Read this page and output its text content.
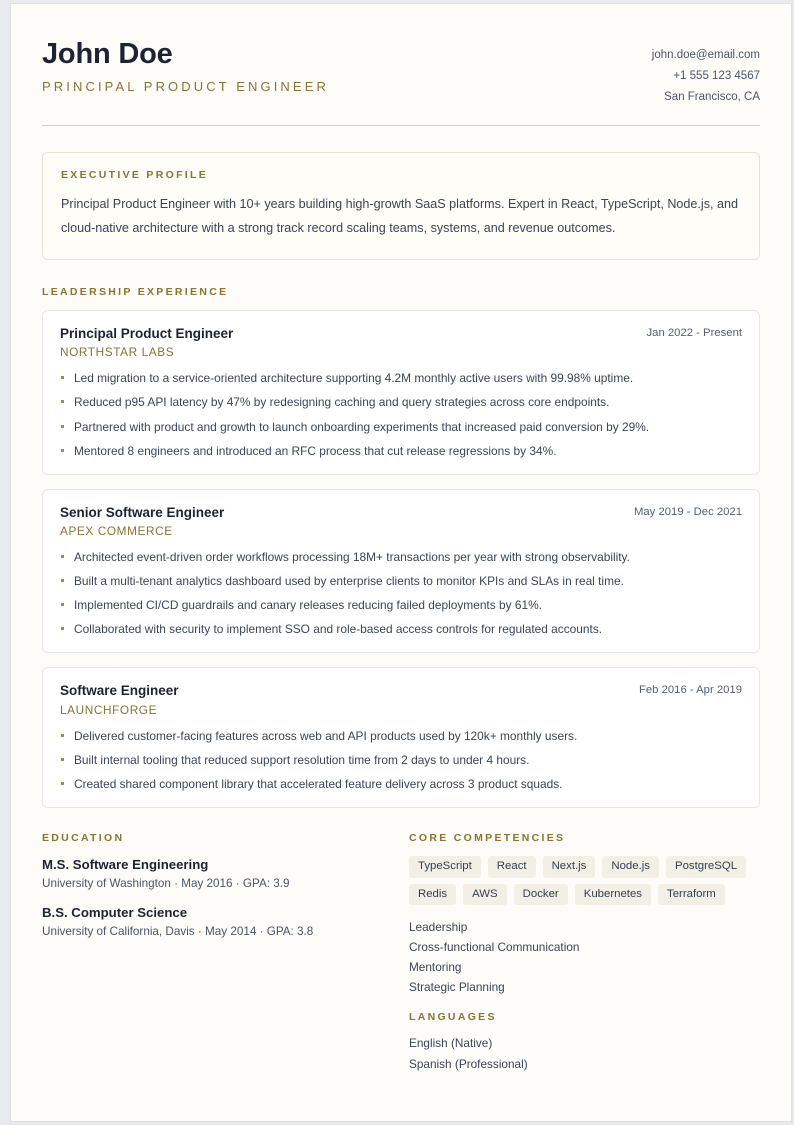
John Doe
PRINCIPAL PRODUCT ENGINEER
john.doe@email.com
+1 555 123 4567
San Francisco, CA
EXECUTIVE PROFILE
Principal Product Engineer with 10+ years building high-growth SaaS platforms. Expert in React, TypeScript, Node.js, and cloud-native architecture with a strong track record scaling teams, systems, and revenue outcomes.
LEADERSHIP EXPERIENCE
Principal Product Engineer	Jan 2022 - Present
NORTHSTAR LABS
Led migration to a service-oriented architecture supporting 4.2M monthly active users with 99.98% uptime.
Reduced p95 API latency by 47% by redesigning caching and query strategies across core endpoints.
Partnered with product and growth to launch onboarding experiments that increased paid conversion by 29%.
Mentored 8 engineers and introduced an RFC process that cut release regressions by 34%.
Senior Software Engineer	May 2019 - Dec 2021
APEX COMMERCE
Architected event-driven order workflows processing 18M+ transactions per year with strong observability.
Built a multi-tenant analytics dashboard used by enterprise clients to monitor KPIs and SLAs in real time.
Implemented CI/CD guardrails and canary releases reducing failed deployments by 61%.
Collaborated with security to implement SSO and role-based access controls for regulated accounts.
Software Engineer	Feb 2016 - Apr 2019
LAUNCHFORGE
Delivered customer-facing features across web and API products used by 120k+ monthly users.
Built internal tooling that reduced support resolution time from 2 days to under 4 hours.
Created shared component library that accelerated feature delivery across 3 product squads.
EDUCATION
M.S. Software Engineering
University of Washington · May 2016 · GPA: 3.9
B.S. Computer Science
University of California, Davis · May 2014 · GPA: 3.8
CORE COMPETENCIES
TypeScript	React	Next.js	Node.js	PostgreSQL
Redis	AWS	Docker	Kubernetes	Terraform
Leadership
Cross-functional Communication
Mentoring
Strategic Planning
LANGUAGES
English (Native)
Spanish (Professional)
